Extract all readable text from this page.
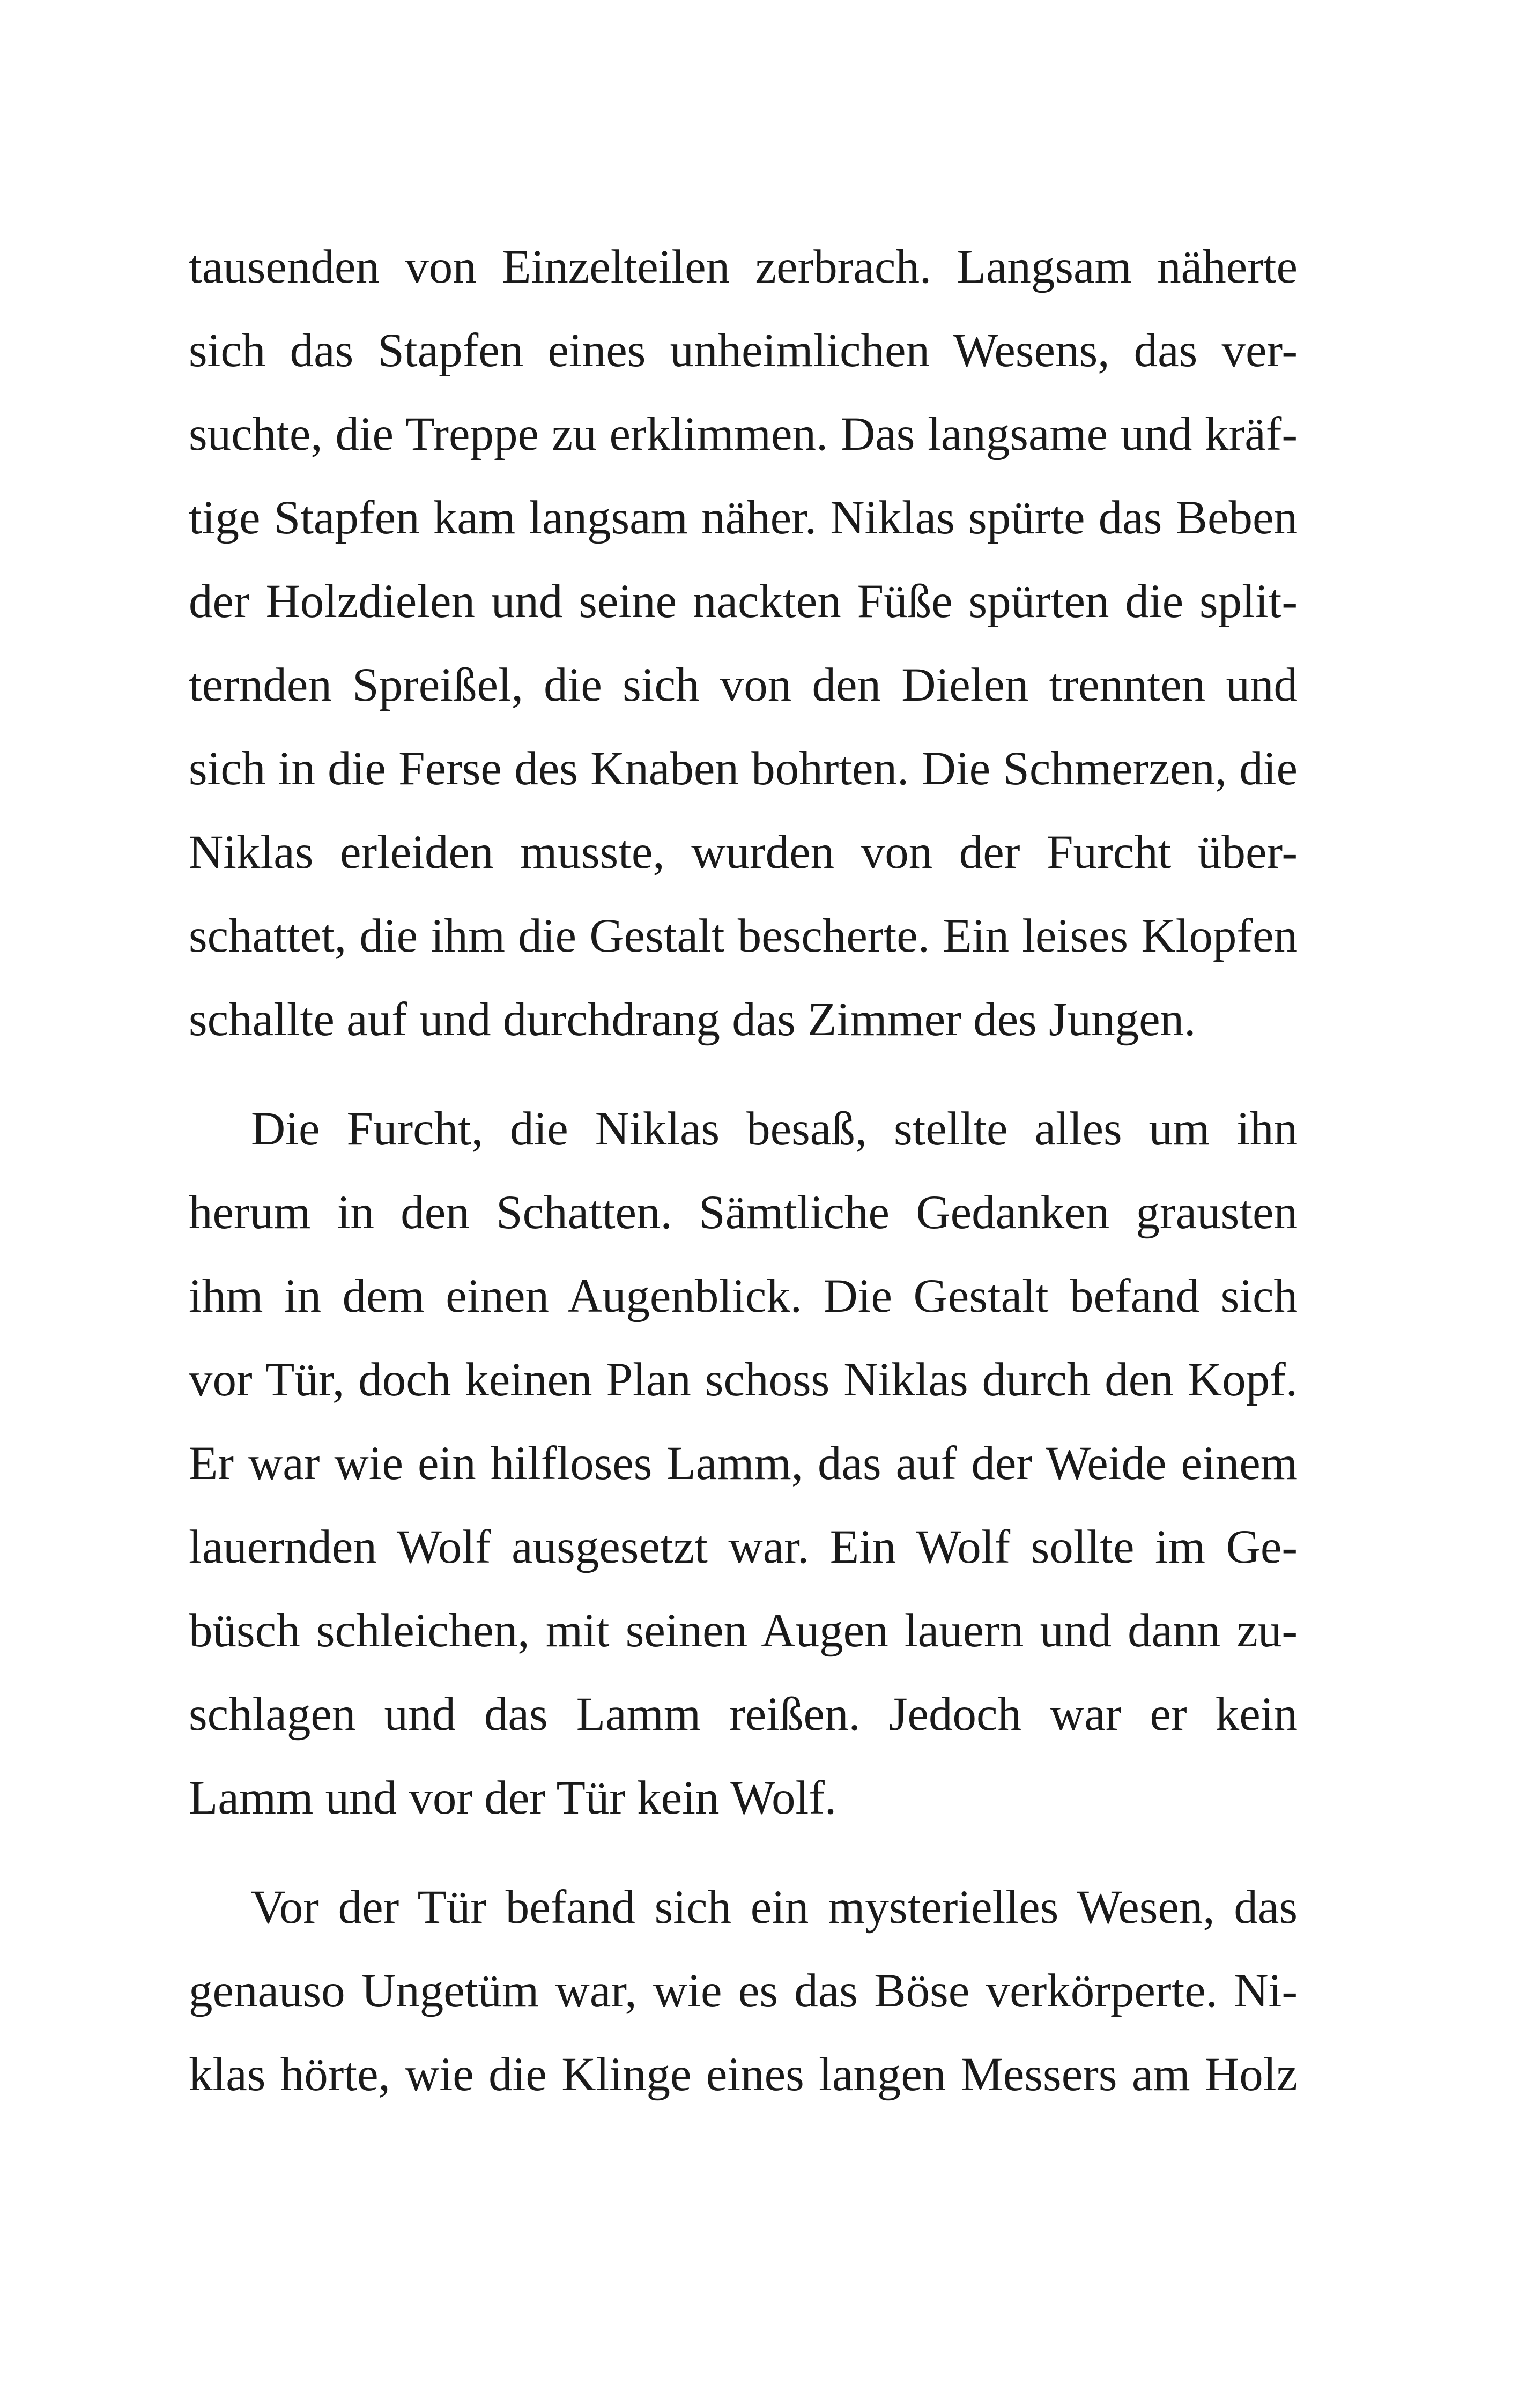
tausenden von Einzelteilen zerbrach. Langsam näherte
sich das Stapfen eines unheimlichen Wesens, das ver-
suchte, die Treppe zu erklimmen. Das langsame und kräf-
tige Stapfen kam langsam näher. Niklas spürte das Beben
der Holzdielen und seine nackten Füße spürten die split-
ternden Spreißel, die sich von den Dielen trennten und
sich in die Ferse des Knaben bohrten. Die Schmerzen, die
Niklas erleiden musste, wurden von der Furcht über-
schattet, die ihm die Gestalt bescherte. Ein leises Klopfen
schallte auf und durchdrang das Zimmer des Jungen.
Die Furcht, die Niklas besaß, stellte alles um ihn
herum in den Schatten. Sämtliche Gedanken grausten
ihm in dem einen Augenblick. Die Gestalt befand sich
vor Tür, doch keinen Plan schoss Niklas durch den Kopf.
Er war wie ein hilfloses Lamm, das auf der Weide einem
lauernden Wolf ausgesetzt war. Ein Wolf sollte im Ge-
büsch schleichen, mit seinen Augen lauern und dann zu-
schlagen und das Lamm reißen. Jedoch war er kein
Lamm und vor der Tür kein Wolf.
Vor der Tür befand sich ein mysterielles Wesen, das
genauso Ungetüm war, wie es das Böse verkörperte. Ni-
klas hörte, wie die Klinge eines langen Messers am Holz
